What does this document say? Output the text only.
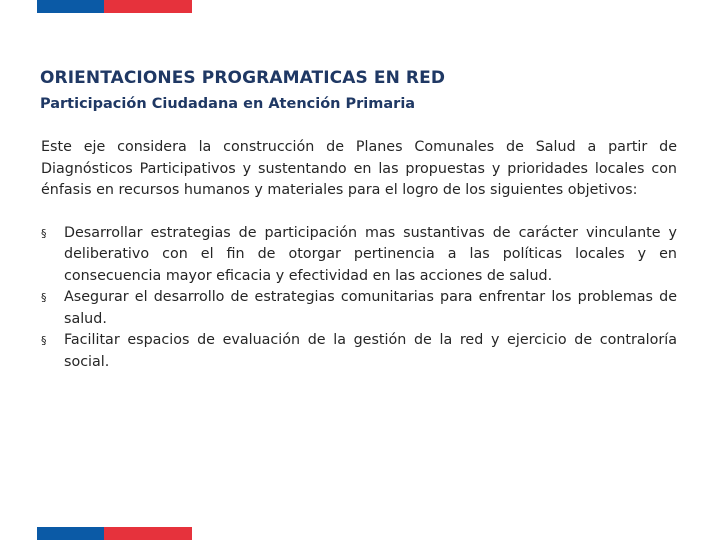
ORIENTACIONES PROGRAMATICAS EN RED
Participación Ciudadana en Atención Primaria

Este eje considera la construcción de Planes Comunales de Salud a partir de Diagnósticos Participativos y sustentando en las propuestas y prioridades locales con énfasis en recursos humanos y materiales para el logro de los siguientes objetivos:

§ Desarrollar estrategias de participación mas sustantivas de carácter vinculante y deliberativo con el fin de otorgar pertinencia a las políticas locales y en consecuencia mayor eficacia y efectividad en las acciones de salud.
§ Asegurar el desarrollo de estrategias comunitarias para enfrentar los problemas de salud.
§ Facilitar espacios de evaluación de la gestión de la red y ejercicio de contraloría social.
